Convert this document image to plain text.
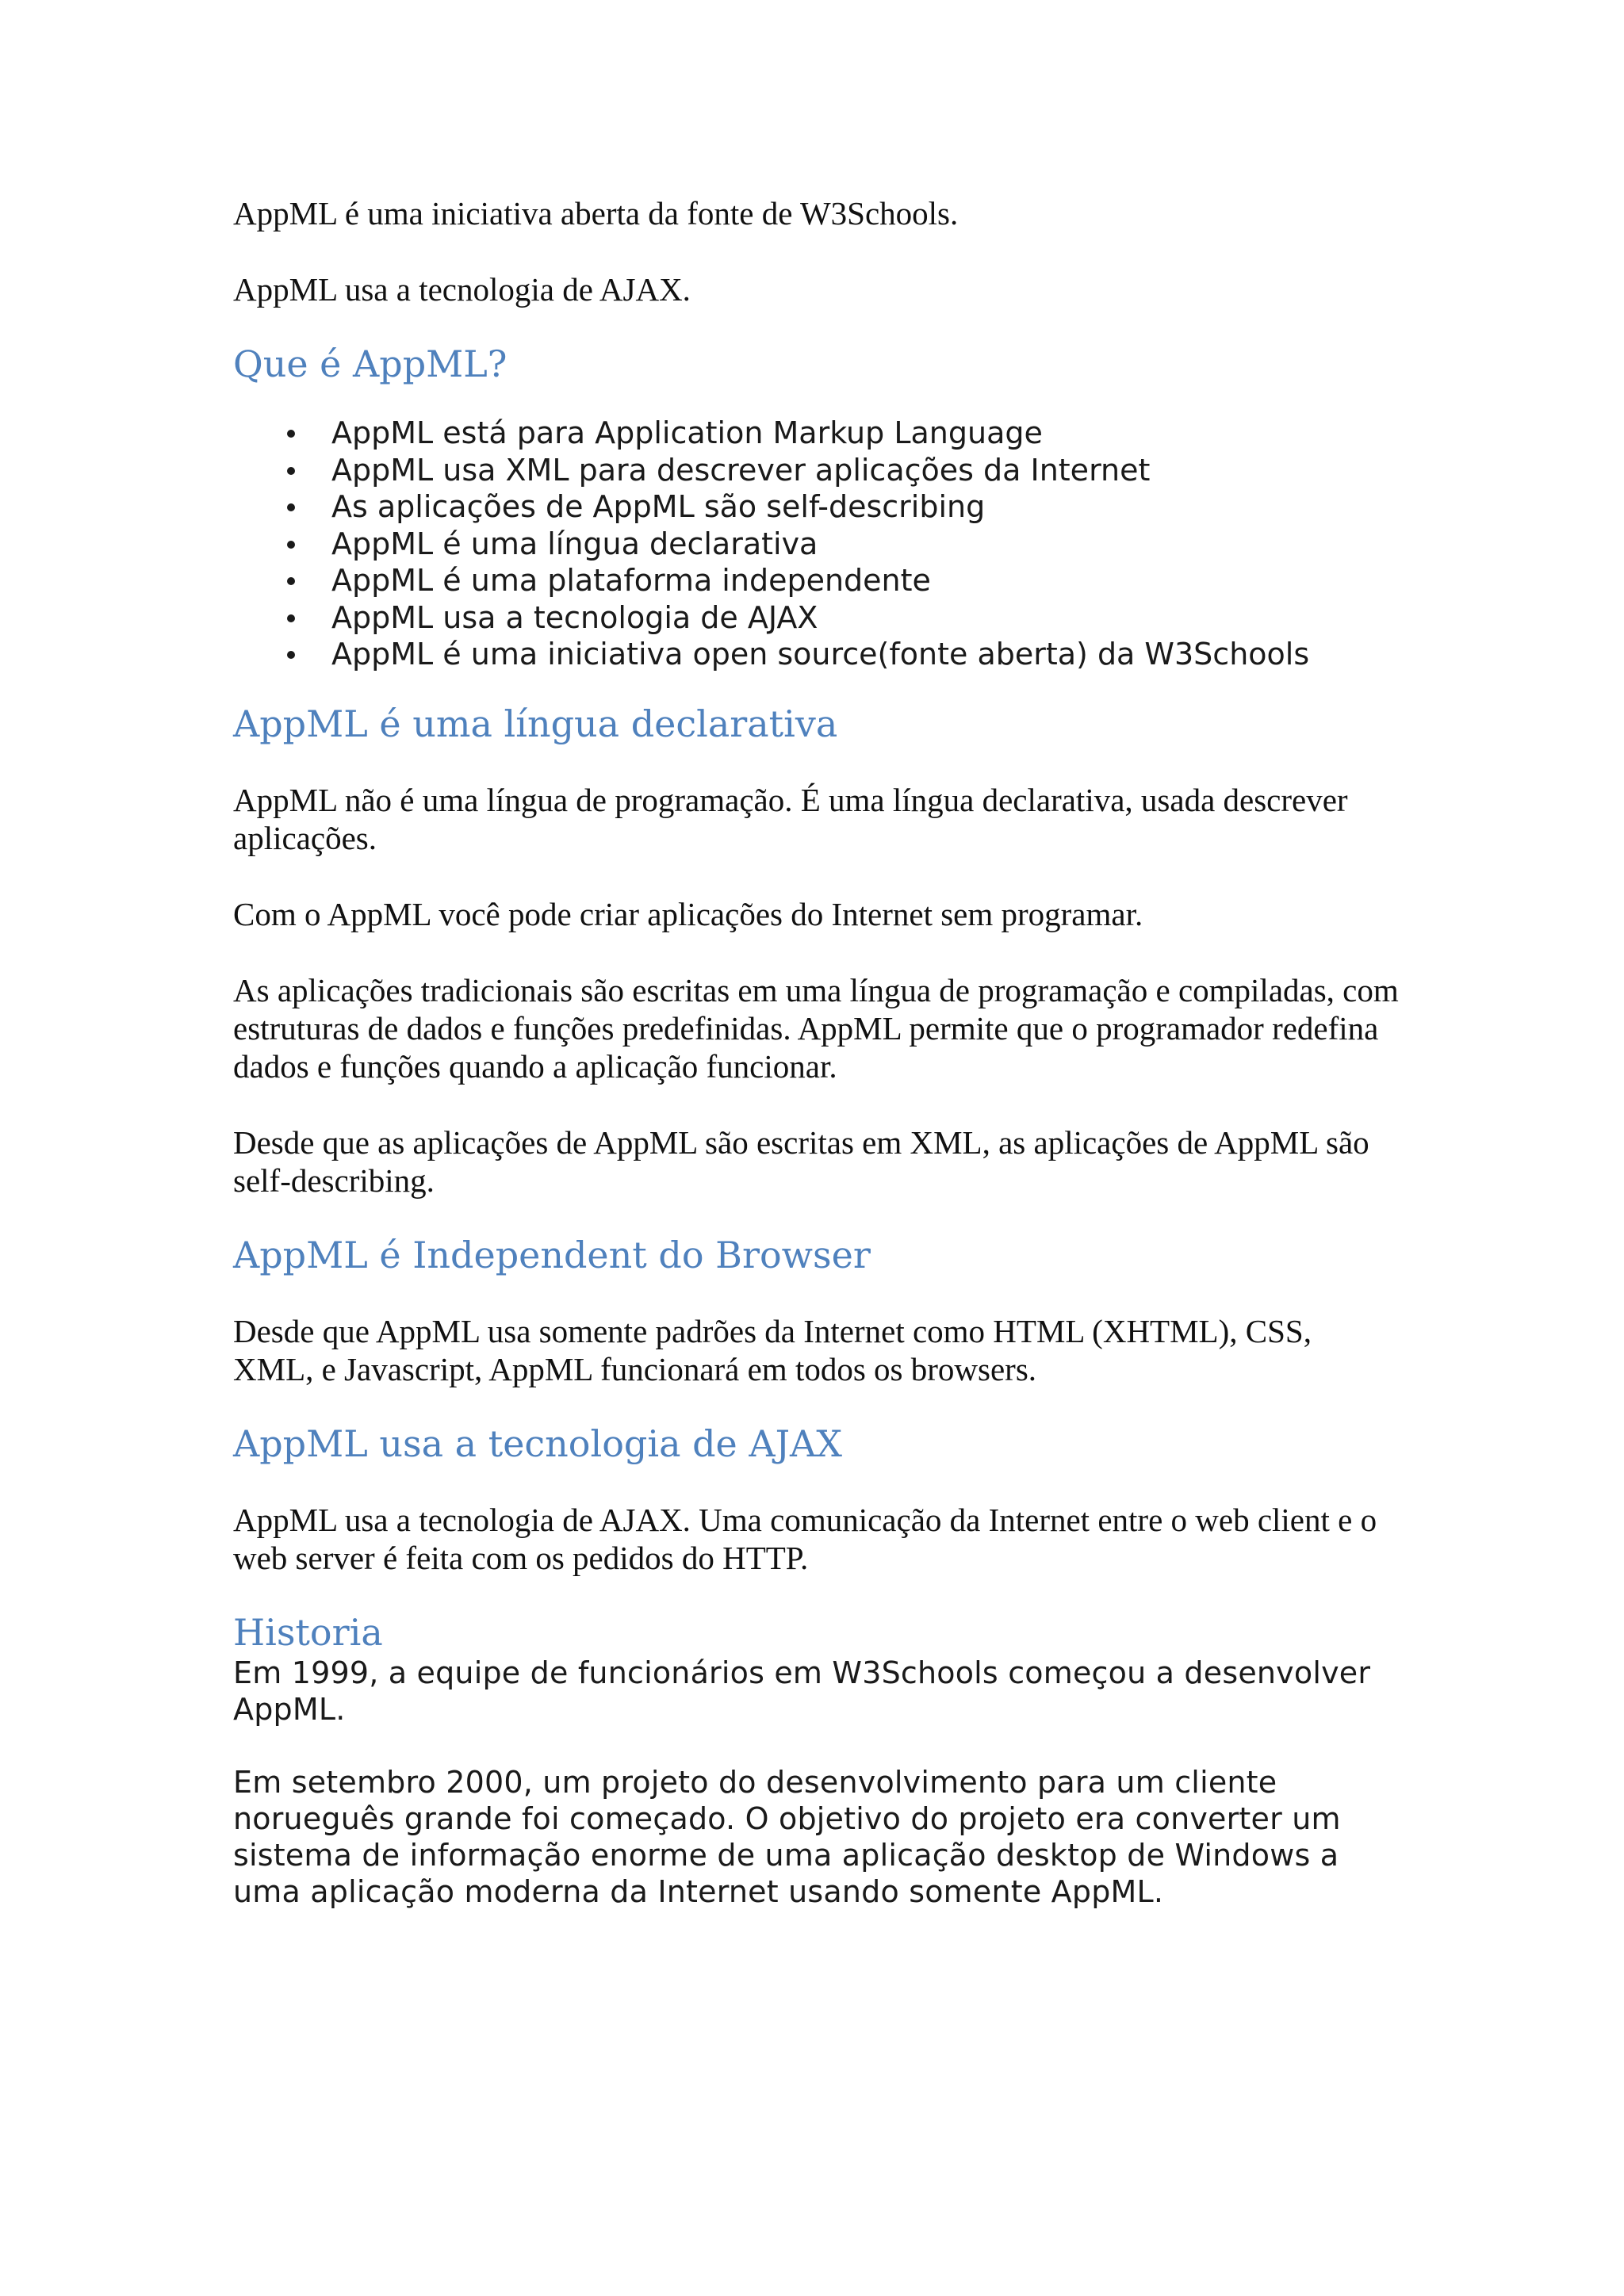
AppML é uma iniciativa aberta da fonte de W3Schools.

AppML usa a tecnologia de AJAX.

Que é AppML?
AppML está para Application Markup Language
AppML usa XML para descrever aplicações da Internet
As aplicações de AppML são self-describing
AppML é uma língua declarativa
AppML é uma plataforma independente
AppML usa a tecnologia de AJAX
AppML é uma iniciativa open source(fonte aberta) da W3Schools
AppML é uma língua declarativa

AppML não é uma língua de programação. É uma língua declarativa, usada descrever aplicações.

Com o AppML você pode criar aplicações do Internet sem programar.

As aplicações tradicionais são escritas em uma língua de programação e compiladas, com estruturas de dados e funções predefinidas. AppML permite que o programador redefina dados e funções quando a aplicação funcionar.

Desde que as aplicações de AppML são escritas em XML, as aplicações de AppML são self-describing.

AppML é Independent do Browser

Desde que AppML usa somente padrões da Internet como HTML (XHTML), CSS, XML, e Javascript, AppML funcionará em todos os browsers.

AppML usa a tecnologia de AJAX

AppML usa a tecnologia de AJAX. Uma comunicação da Internet entre o web client e o web server é feita com os pedidos do HTTP.

Historia

Em 1999, a equipe de funcionários em W3Schools começou a desenvolver AppML.

Em setembro 2000, um projeto do desenvolvimento para um cliente norueguês grande foi começado. O objetivo do projeto era converter um sistema de informação enorme de uma aplicação desktop de Windows a uma aplicação moderna da Internet usando somente AppML.
